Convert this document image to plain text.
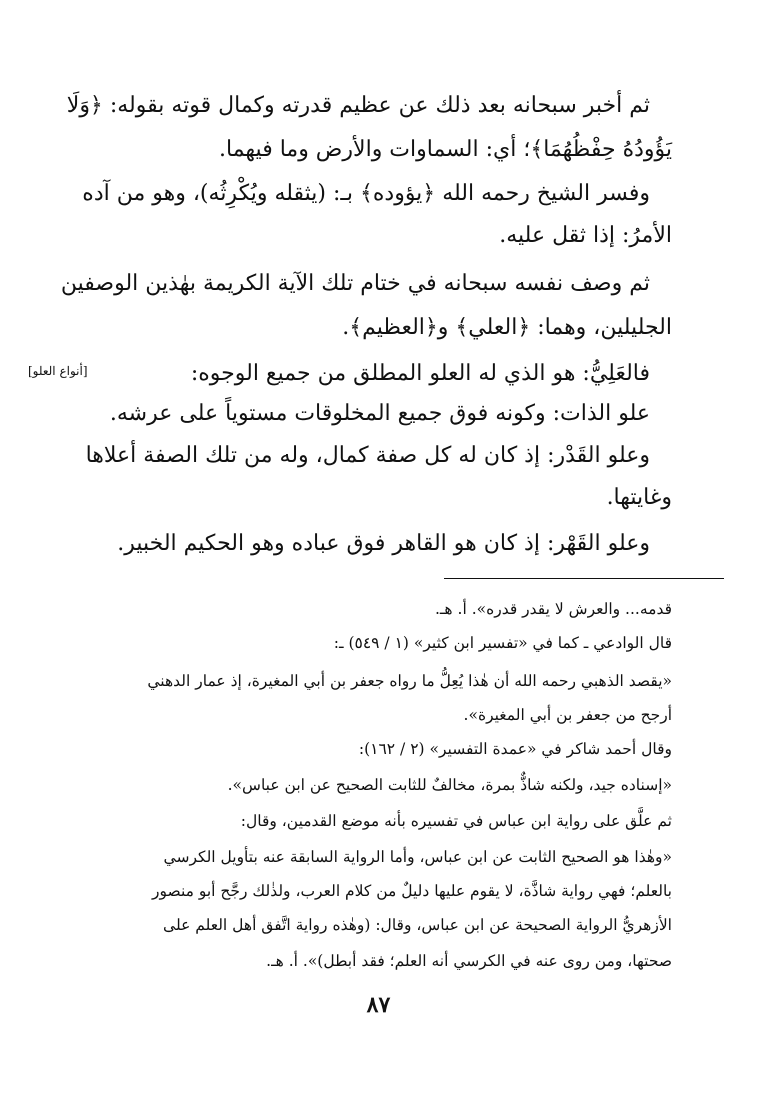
ثم أخبر سبحانه بعد ذلك عن عظيم قدرته وكمال قوته بقوله: ﴿وَلَا

يَؤُودُهُ حِفْظُهُمَا﴾؛ أي: السماوات والأرض وما فيهما.

وفسر الشيخ رحمه الله ﴿يؤوده﴾ بـ: (يثقله ويُكْرِثُه)، وهو من آده

الأمرُ: إذا ثقل عليه.

ثم وصف نفسه سبحانه في ختام تلك الآية الكريمة بهٰذين الوصفين

الجليلين، وهما: ﴿العلي﴾ و﴿العظيم﴾.

فالعَلِيُّ: هو الذي له العلو المطلق من جميع الوجوه:

علو الذات: وكونه فوق جميع المخلوقات مستوياً على عرشه.

وعلو القَدْر: إذ كان له كل صفة كمال، وله من تلك الصفة أعلاها

وغايتها.

وعلو القَهْر: إذ كان هو القاهر فوق عباده وهو الحكيم الخبير.

[أنواع العلو]

قدمه... والعرش لا يقدر قدره». أ. هـ.

قال الوادعي ـ كما في «تفسير ابن كثير» (١ / ٥٤٩) ـ:

«يقصد الذهبي رحمه الله أن هٰذا يُعِلُّ ما رواه جعفر بن أبي المغيرة، إذ عمار الدهني

أرجح من جعفر بن أبي المغيرة».

وقال أحمد شاكر في «عمدة التفسير» (٢ / ١٦٢):

«إسناده جيد، ولكنه شاذٌّ بمرة، مخالفٌ للثابت الصحيح عن ابن عباس».

ثم علَّق على رواية ابن عباس في تفسيره بأنه موضع القدمين، وقال:

«وهٰذا هو الصحيح الثابت عن ابن عباس، وأما الرواية السابقة عنه بتأويل الكرسي

بالعلم؛ فهي رواية شاذَّة، لا يقوم عليها دليلٌ من كلام العرب، ولذٰلك رجَّح أبو منصور

الأزهريُّ الرواية الصحيحة عن ابن عباس، وقال: (وهٰذه رواية اتَّفق أهل العلم على

صحتها، ومن روى عنه في الكرسي أنه العلم؛ فقد أبطل)». أ. هـ.

٨٧
